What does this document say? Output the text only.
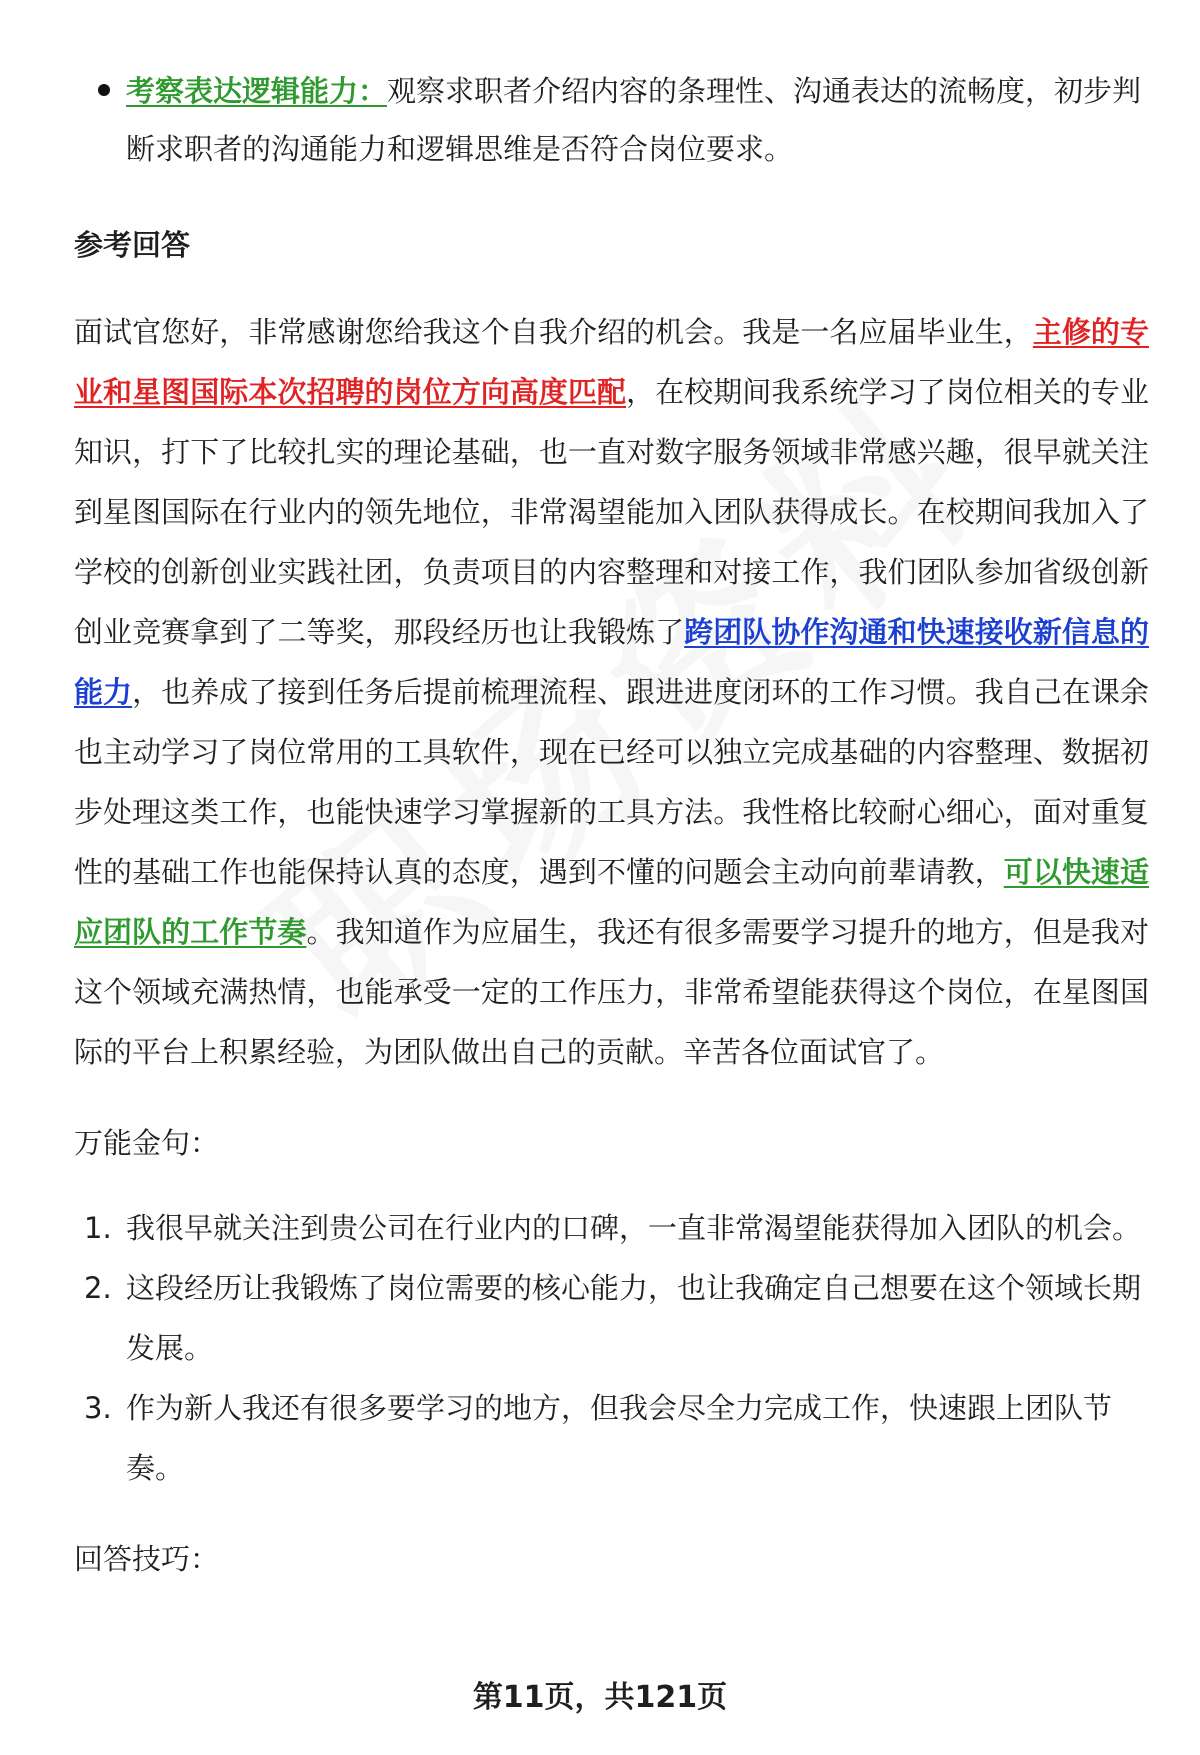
考察表达逻辑能力：观察求职者介绍内容的条理性、沟通表达的流畅度，初步判断求职者的沟通能力和逻辑思维是否符合岗位要求。

参考回答

面试官您好，非常感谢您给我这个自我介绍的机会。我是一名应届毕业生，主修的专业和星图国际本次招聘的岗位方向高度匹配，在校期间我系统学习了岗位相关的专业知识，打下了比较扎实的理论基础，也一直对数字服务领域非常感兴趣，很早就关注到星图国际在行业内的领先地位，非常渴望能加入团队获得成长。在校期间我加入了学校的创新创业实践社团，负责项目的内容整理和对接工作，我们团队参加省级创新创业竞赛拿到了二等奖，那段经历也让我锻炼了跨团队协作沟通和快速接收新信息的能力，也养成了接到任务后提前梳理流程、跟进进度闭环的工作习惯。我自己在课余也主动学习了岗位常用的工具软件，现在已经可以独立完成基础的内容整理、数据初步处理这类工作，也能快速学习掌握新的工具方法。我性格比较耐心细心，面对重复性的基础工作也能保持认真的态度，遇到不懂的问题会主动向前辈请教，可以快速适应团队的工作节奏。我知道作为应届生，我还有很多需要学习提升的地方，但是我对这个领域充满热情，也能承受一定的工作压力，非常希望能获得这个岗位，在星图国际的平台上积累经验，为团队做出自己的贡献。辛苦各位面试官了。

万能金句：

1. 我很早就关注到贵公司在行业内的口碑，一直非常渴望能获得加入团队的机会。
2. 这段经历让我锻炼了岗位需要的核心能力，也让我确定自己想要在这个领域长期发展。
3. 作为新人我还有很多要学习的地方，但我会尽全力完成工作，快速跟上团队节奏。

回答技巧：

第11页，共121页
